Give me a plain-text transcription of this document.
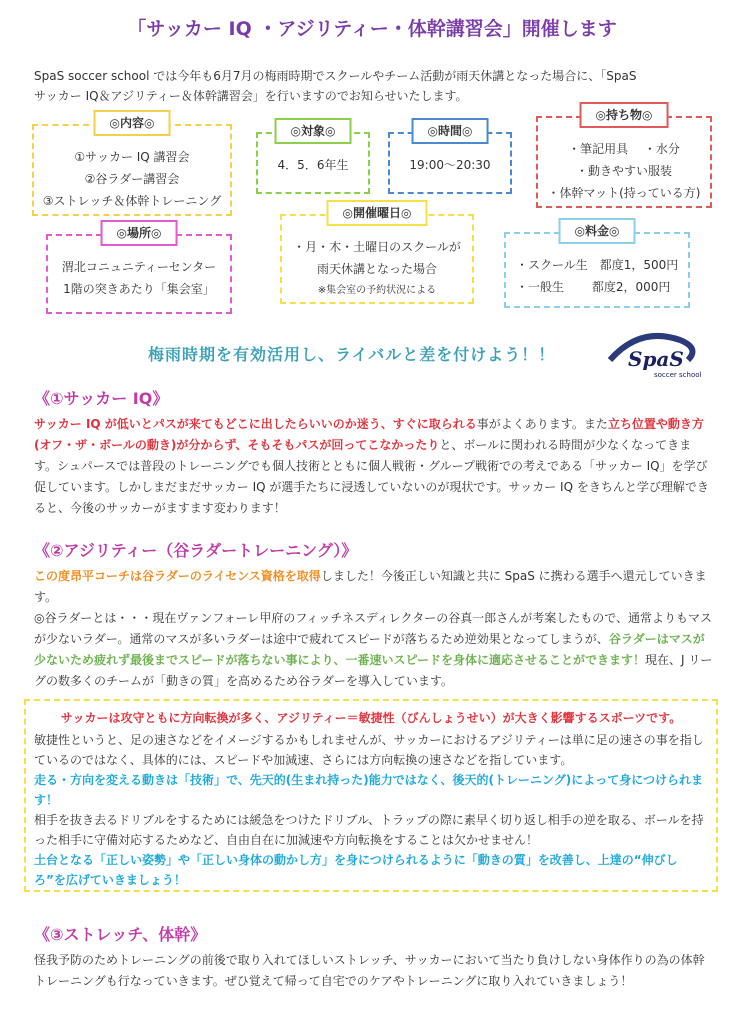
「サッカー IQ ・アジリティー・体幹講習会」開催します
SpaS soccer school では今年も6月7月の梅雨時期でスクールやチーム活動が雨天休講となった場合に、「SpaS
サッカー IQ＆アジリティー＆体幹講習会」を行いますのでお知らせいたします。
◎内容◎
①サッカー IQ 講習会
②谷ラダー講習会
③ストレッチ＆体幹トレーニング
◎対象◎
4．5．6年生
◎時間◎
19:00～20:30
◎持ち物◎
・筆記用具　 ・水分
・動きやすい服装
・体幹マット(持っている方)
◎開催曜日◎
・月・木・土曜日のスクールが
雨天休講となった場合
※集会室の予約状況による
◎場所◎
渭北コニュニティーセンター
1階の突きあたり「集会室」
◎料金◎
・スクール生　都度1，500円
・一般生　　 都度2，000円
梅雨時期を有効活用し、ライバルと差を付けよう！！	SpaS
soccer school
《①サッカー IQ》
サッカー IQ が低いとパスが来てもどこに出したらいいのか迷う、すぐに取られる事がよくあります。また立ち位置や動き方(オフ・ザ・ボールの動き)が分からず、そもそもパスが回ってこなかったりと、ボールに関われる時間が少なくなってきます。シュパースでは普段のトレーニングでも個人技術とともに個人戦術・グループ戦術での考えである「サッカー IQ」を学び促しています。しかしまだまだサッカー IQ が選手たちに浸透していないのが現状です。サッカー IQ をきちんと学び理解できると、今後のサッカーがますます変わります！
《②アジリティー（谷ラダートレーニング）》
この度昂平コーチは谷ラダーのライセンス資格を取得しました！今後正しい知識と共に SpaS に携わる選手へ還元していきます。
◎谷ラダーとは・・・現在ヴァンフォーレ甲府のフィッチネスディレクターの谷真一郎さんが考案したもので、通常よりもマスが少ないラダー。通常のマスが多いラダーは途中で疲れてスピードが落ちるため逆効果となってしまうが、谷ラダーはマスが少ないため疲れず最後までスピードが落ちない事により、一番速いスピードを身体に適応させることができます！現在、J リーグの数多くのチームが「動きの質」を高めるため谷ラダーを導入しています。
サッカーは攻守ともに方向転換が多く、アジリティー＝敏捷性（びんしょうせい）が大きく影響するスポーツです。
敏捷性というと、足の速さなどをイメージするかもしれませんが、サッカーにおけるアジリティーは単に足の速さの事を指しているのではなく、具体的には、スピードや加減速、さらには方向転換の速さなどを指しています。
走る・方向を変える動きは「技術」で、先天的(生まれ持った)能力ではなく、後天的(トレーニング)によって身につけられます！
相手を抜き去るドリブルをするためには緩急をつけたドリブル、トラップの際に素早く切り返し相手の逆を取る、ボールを持った相手に守備対応するためなど、自由自在に加減速や方向転換をすることは欠かせません！
土台となる「正しい姿勢」や「正しい身体の動かし方」を身につけられるように「動きの質」を改善し、上達の“伸びしろ”を広げていきましょう！
《③ストレッチ、体幹》
怪我予防のためトレーニングの前後で取り入れてほしいストレッチ、サッカーにおいて当たり負けしない身体作りの為の体幹トレーニングも行なっていきます。ぜひ覚えて帰って自宅でのケアやトレーニングに取り入れていきましょう！
